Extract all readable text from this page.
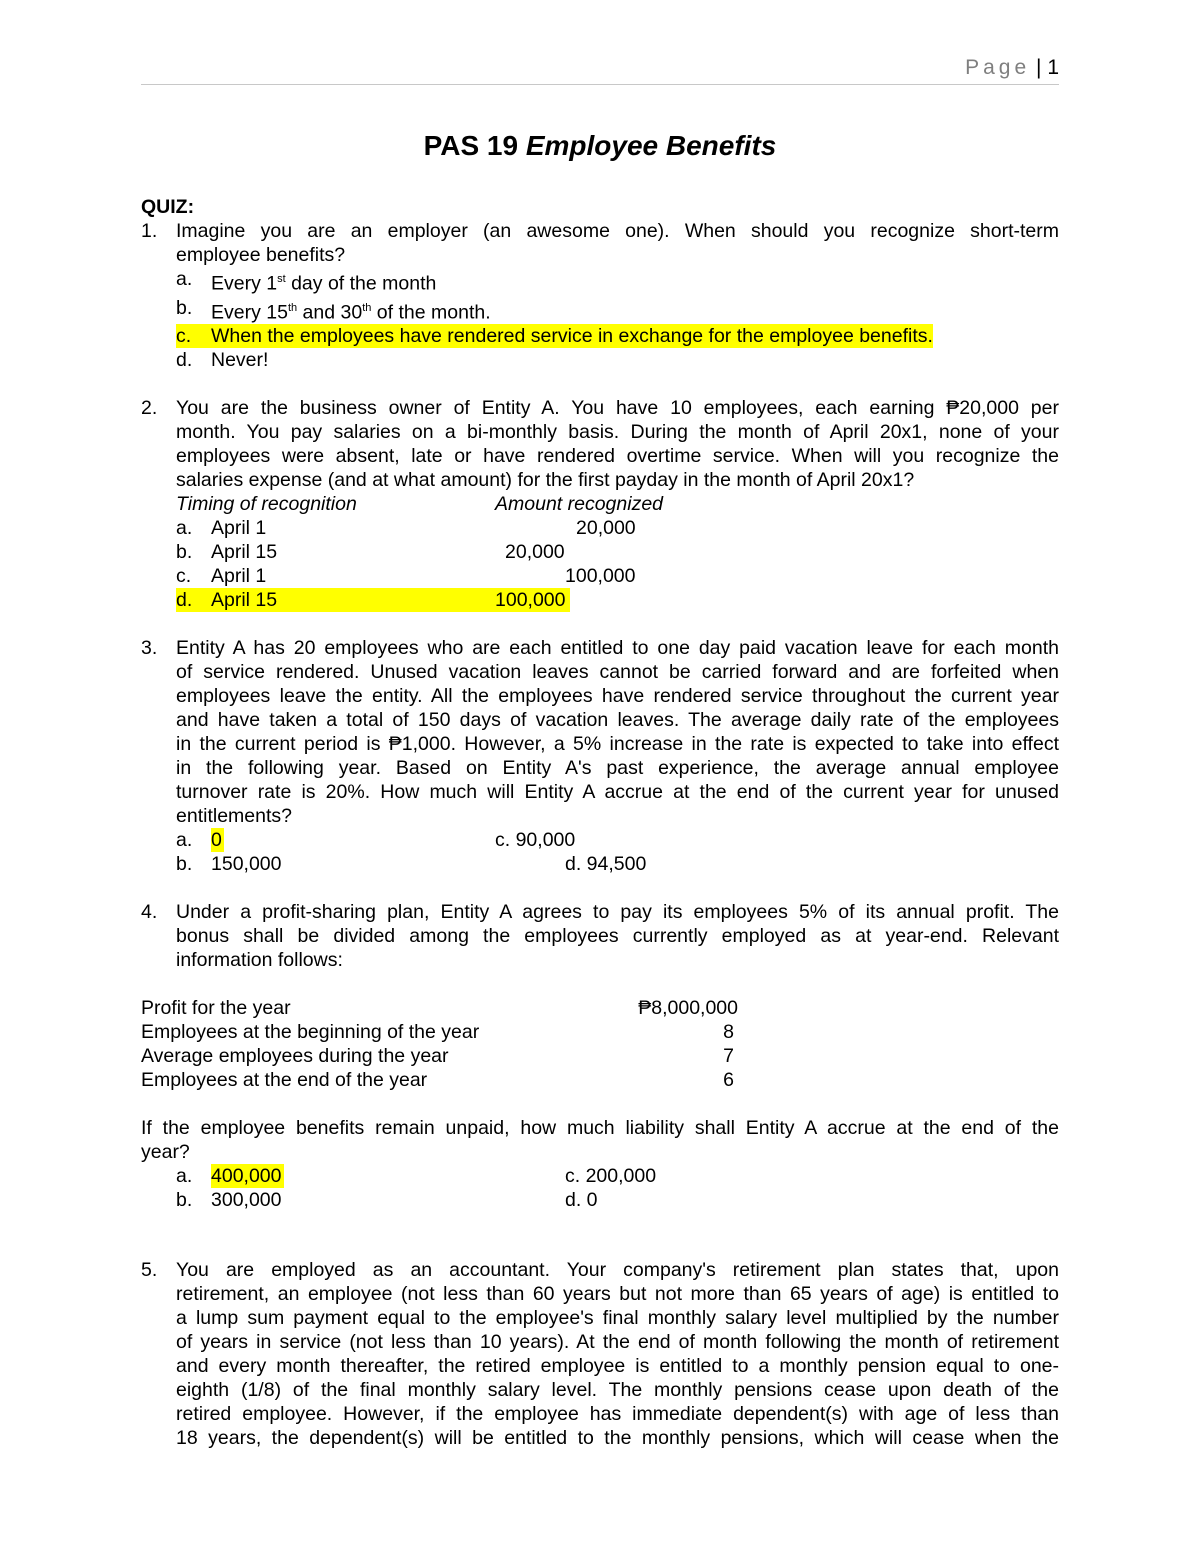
Page | 1
PAS 19 Employee Benefits
QUIZ:
1. Imagine you are an employer (an awesome one). When should you recognize short-term
employee benefits?
a. Every 1st day of the month
b. Every 15th and 30th of the month.
c. When the employees have rendered service in exchange for the employee benefits.
d. Never!
2. You are the business owner of Entity A. You have 10 employees, each earning ₱20,000 per
month. You pay salaries on a bi-monthly basis. During the month of April 20x1, none of your
employees were absent, late or have rendered overtime service. When will you recognize the
salaries expense (and at what amount) for the first payday in the month of April 20x1?
Timing of recognition	Amount recognized
a. April 1	20,000
b. April 15	20,000
c. April 1	100,000
d. April 15	100,000
3. Entity A has 20 employees who are each entitled to one day paid vacation leave for each month
of service rendered. Unused vacation leaves cannot be carried forward and are forfeited when
employees leave the entity. All the employees have rendered service throughout the current year
and have taken a total of 150 days of vacation leaves. The average daily rate of the employees
in the current period is ₱1,000. However, a 5% increase in the rate is expected to take into effect
in the following year. Based on Entity A's past experience, the average annual employee
turnover rate is 20%. How much will Entity A accrue at the end of the current year for unused
entitlements?
a. 0	c. 90,000
b. 150,000	d. 94,500
4. Under a profit-sharing plan, Entity A agrees to pay its employees 5% of its annual profit. The
bonus shall be divided among the employees currently employed as at year-end. Relevant
information follows:
Profit for the year	₱8,000,000
Employees at the beginning of the year	8
Average employees during the year	7
Employees at the end of the year	6
If the employee benefits remain unpaid, how much liability shall Entity A accrue at the end of the
year?
a. 400,000	c. 200,000
b. 300,000	d. 0
5. You are employed as an accountant. Your company's retirement plan states that, upon
retirement, an employee (not less than 60 years but not more than 65 years of age) is entitled to
a lump sum payment equal to the employee's final monthly salary level multiplied by the number
of years in service (not less than 10 years). At the end of month following the month of retirement
and every month thereafter, the retired employee is entitled to a monthly pension equal to one-
eighth (1/8) of the final monthly salary level. The monthly pensions cease upon death of the
retired employee. However, if the employee has immediate dependent(s) with age of less than
18 years, the dependent(s) will be entitled to the monthly pensions, which will cease when the
